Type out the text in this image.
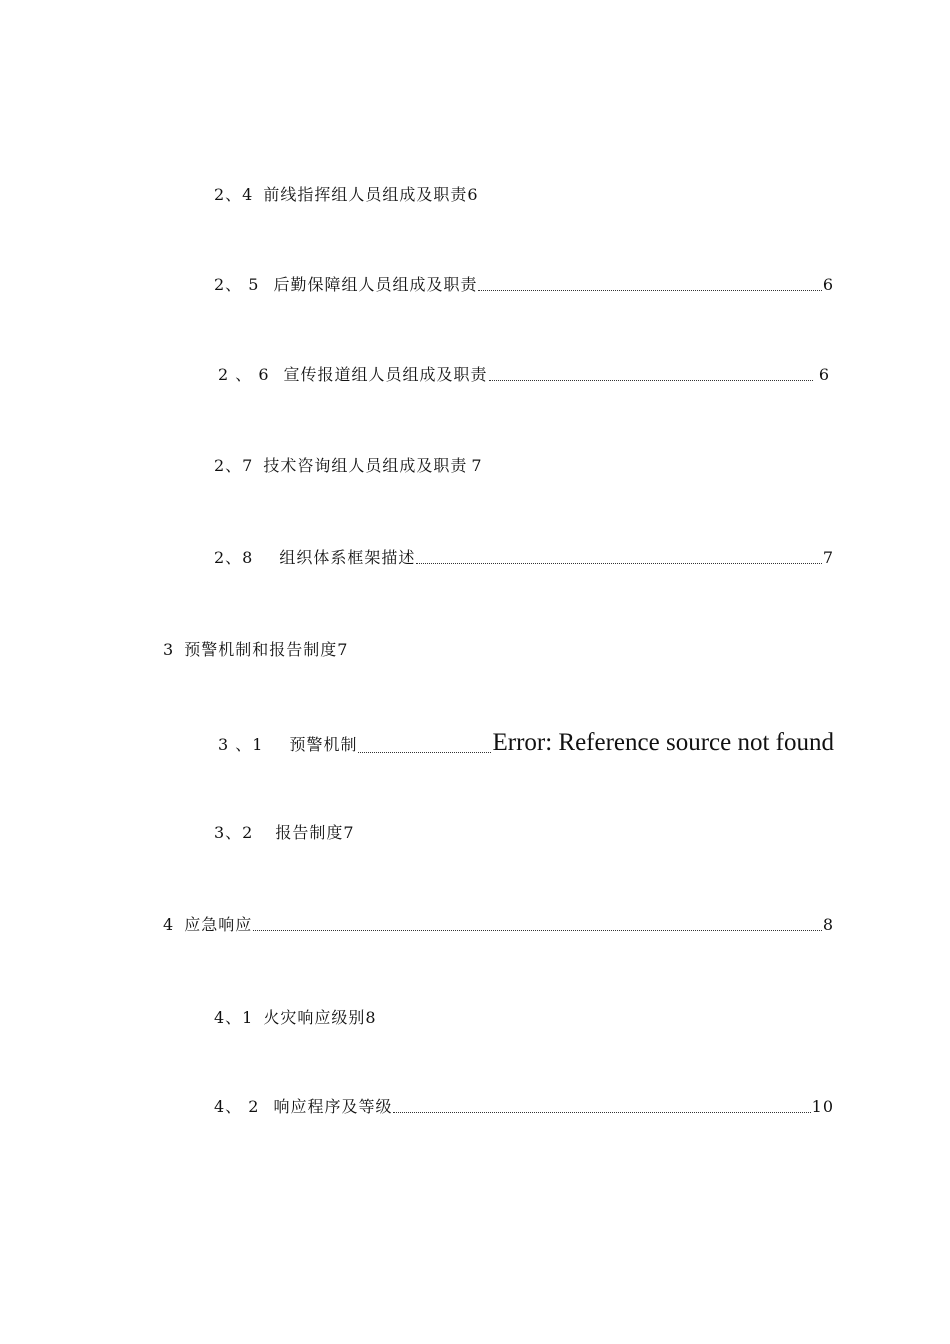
2、4 前线指挥组人员组成及职责 6
2、 5 后勤保障组人员组成及职责	6
2 、 6 宣传报道组人员组成及职责	6
2、7 技术咨询组人员组成及职责 7
2、8 组织体系框架描述	7
3 预警机制和报告制度 7
3 、1 预警机制	Error: Reference source not found
3、2 报告制度 7
4 应急响应	8
4、1 火灾响应级别 8
4、 2 响应程序及等级	10
